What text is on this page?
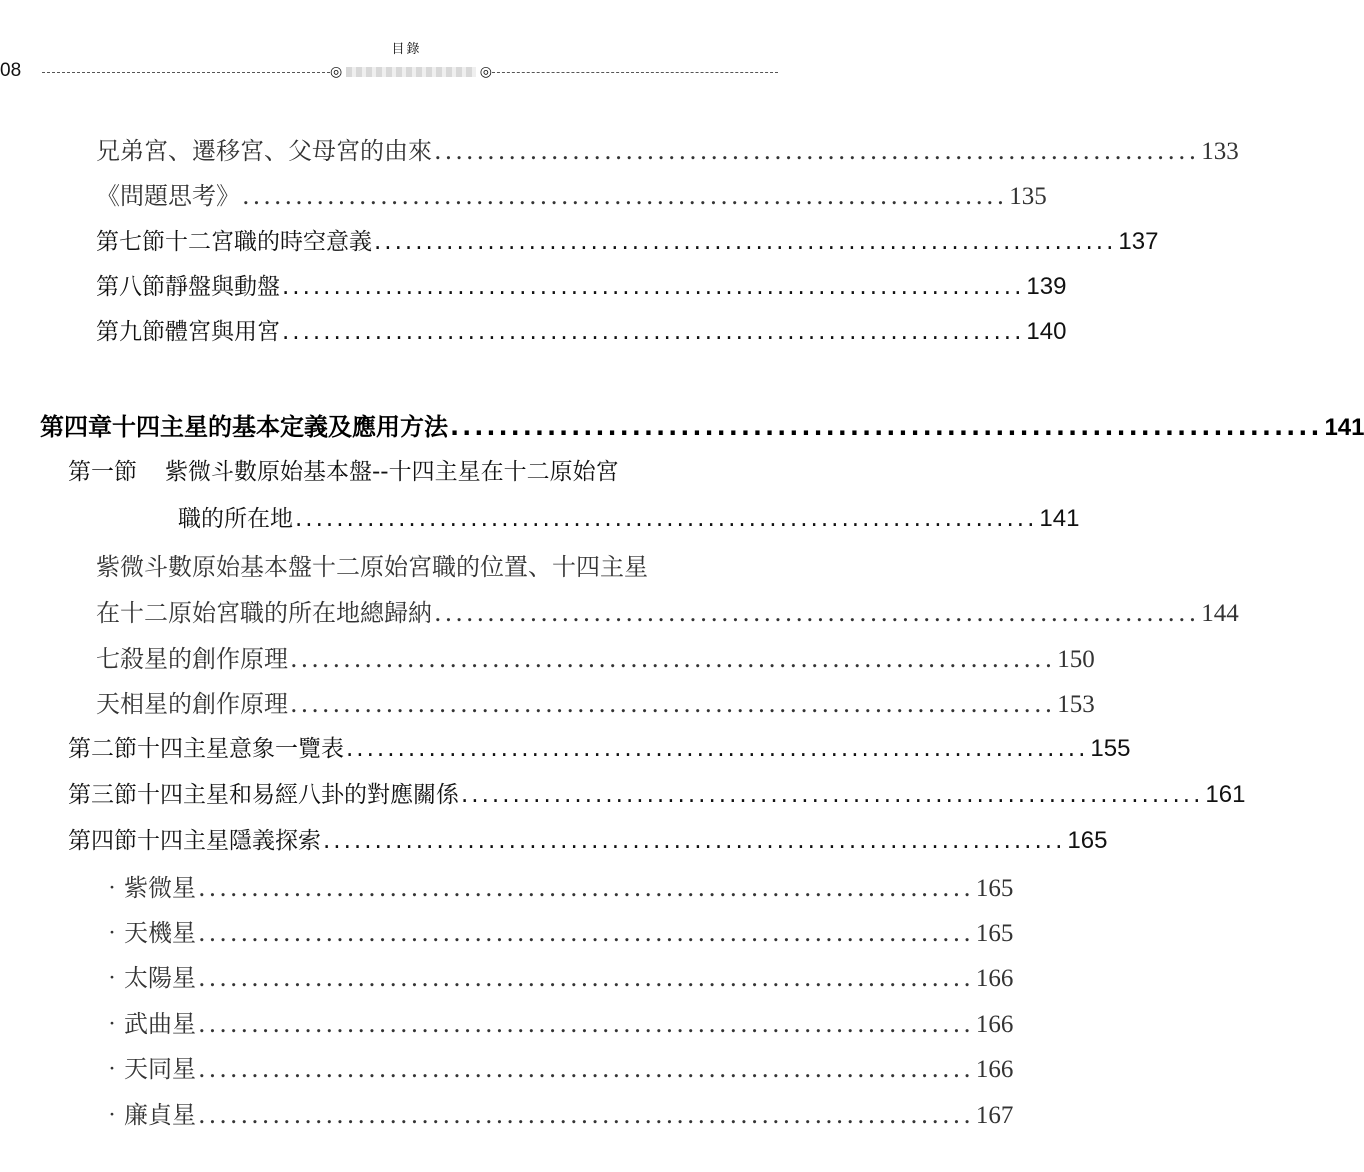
目錄
08	◎	◎
兄弟宮、遷移宮、父母宮的由來 ........................................................................ 133
《問題思考》 ........................................................................ 135
第七節 十二宮職的時空意義 ........................................................................ 137
第八節 靜盤與動盤 ........................................................................ 139
第九節 體宮與用宮 ........................................................................ 140
第四章 十四主星的基本定義及應用方法 ........................................................................ 141
第一節 紫微斗數原始基本盤--十四主星在十二原始宮
職的所在地 ........................................................................ 141
紫微斗數原始基本盤十二原始宮職的位置、十四主星
在十二原始宮職的所在地總歸納 ........................................................................ 144
七殺星的創作原理 ........................................................................ 150
天相星的創作原理 ........................................................................ 153
第二節 十四主星意象一覽表 ........................................................................ 155
第三節 十四主星和易經八卦的對應關係 ........................................................................ 161
第四節 十四主星隱義探索 ........................................................................ 165
‧紫微星 ......................................................................... 165
‧天機星 ......................................................................... 165
‧太陽星 ......................................................................... 166
‧武曲星 ......................................................................... 166
‧天同星 ......................................................................... 166
‧廉貞星 ......................................................................... 167
